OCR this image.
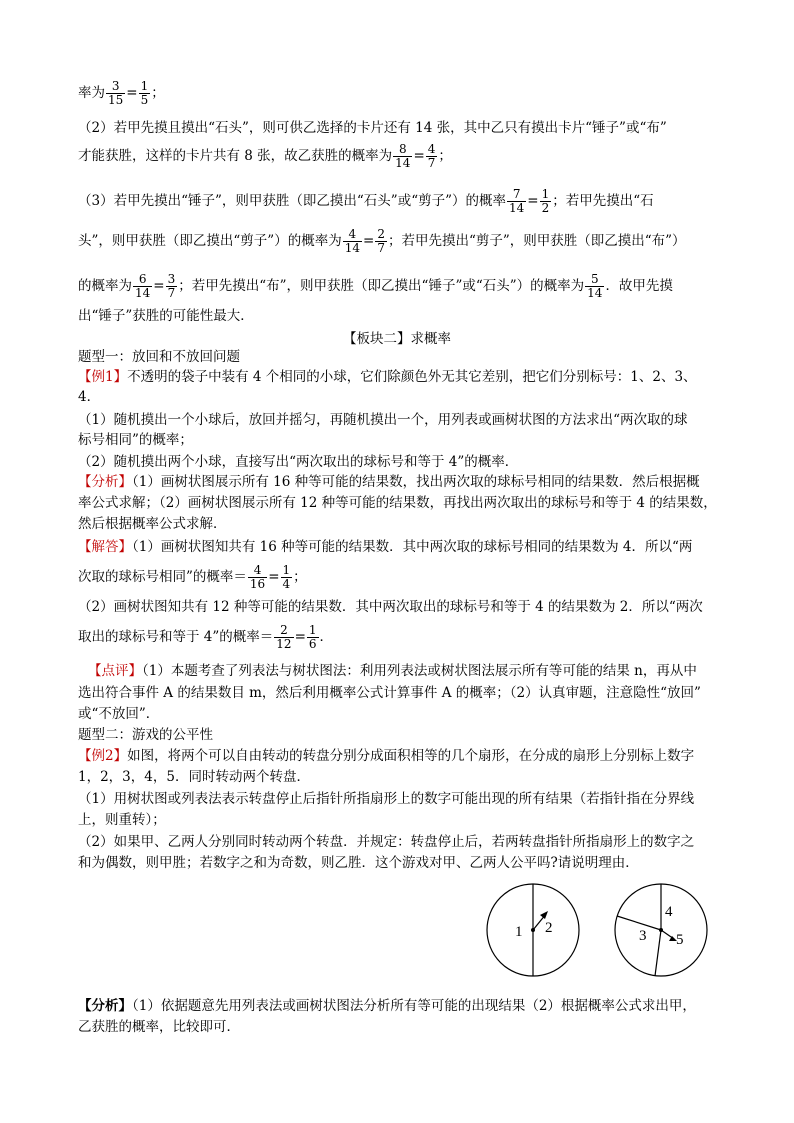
率为 $\frac{3}{15} = \frac{1}{5}$ ；
（2）若甲先摸且摸出“石头”，则可供乙选择的卡片还有 14 张，其中乙只有摸出卡片“锤子”或“布”
才能获胜，这样的卡片共有 8 张，故乙获胜的概率为 $\frac{8}{14} = \frac{4}{7}$ ；
（3）若甲先摸出“锤子”，则甲获胜（即乙摸出“石头”或“剪子”）的概率 $\frac{7}{14} = \frac{1}{2}$ ；若甲先摸出“石
头”，则甲获胜（即乙摸出“剪子”）的概率为 $\frac{4}{14} = \frac{2}{7}$ ；若甲先摸出“剪子”，则甲获胜（即乙摸出“布”）
的概率为 $\frac{6}{14} = \frac{3}{7}$ ；若甲先摸出“布”，则甲获胜（即乙摸出“锤子”或“石头”）的概率为 $\frac{5}{14}$ ．故甲先摸
出“锤子”获胜的可能性最大．
【板块二】求概率
题型一：放回和不放回问题
【例1】不透明的袋子中装有 4 个相同的小球，它们除颜色外无其它差别，把它们分别标号：1、2、3、
4．
（1）随机摸出一个小球后，放回并摇匀，再随机摸出一个，用列表或画树状图的方法求出“两次取的球
标号相同”的概率；
（2）随机摸出两个小球，直接写出“两次取出的球标号和等于 4”的概率．
【分析】（1）画树状图展示所有 16 种等可能的结果数，找出两次取的球标号相同的结果数．然后根据概
率公式求解；（2）画树状图展示所有 12 种等可能的结果数，再找出两次取出的球标号和等于 4 的结果数，
然后根据概率公式求解．
【解答】（1）画树状图知共有 16 种等可能的结果数．其中两次取的球标号相同的结果数为 4．所以“两
次取的球标号相同”的概率＝ $\frac{4}{16} = \frac{1}{4}$ ；
（2）画树状图知共有 12 种等可能的结果数．其中两次取出的球标号和等于 4 的结果数为 2．所以“两次
取出的球标号和等于 4”的概率＝ $\frac{2}{12} = \frac{1}{6}$ ．
【点评】（1）本题考查了列表法与树状图法：利用列表法或树状图法展示所有等可能的结果 n，再从中
选出符合事件 A 的结果数目 m，然后利用概率公式计算事件 A 的概率；（2）认真审题，注意隐性“放回”
或“不放回”．
题型二：游戏的公平性
【例2】如图，将两个可以自由转动的转盘分别分成面积相等的几个扇形，在分成的扇形上分别标上数字
1，2，3，4，5．同时转动两个转盘．
（1）用树状图或列表法表示转盘停止后指针所指扇形上的数字可能出现的所有结果（若指针指在分界线
上，则重转）；
（2）如果甲、乙两人分别同时转动两个转盘．并规定：转盘停止后，若两转盘指针所指扇形上的数字之
和为偶数，则甲胜；若数字之和为奇数，则乙胜．这个游戏对甲、乙两人公平吗?请说明理由．
1 2	3
4
5
【分析】（1）依据题意先用列表法或画树状图法分析所有等可能的出现结果（2）根据概率公式求出甲，
乙获胜的概率，比较即可．
